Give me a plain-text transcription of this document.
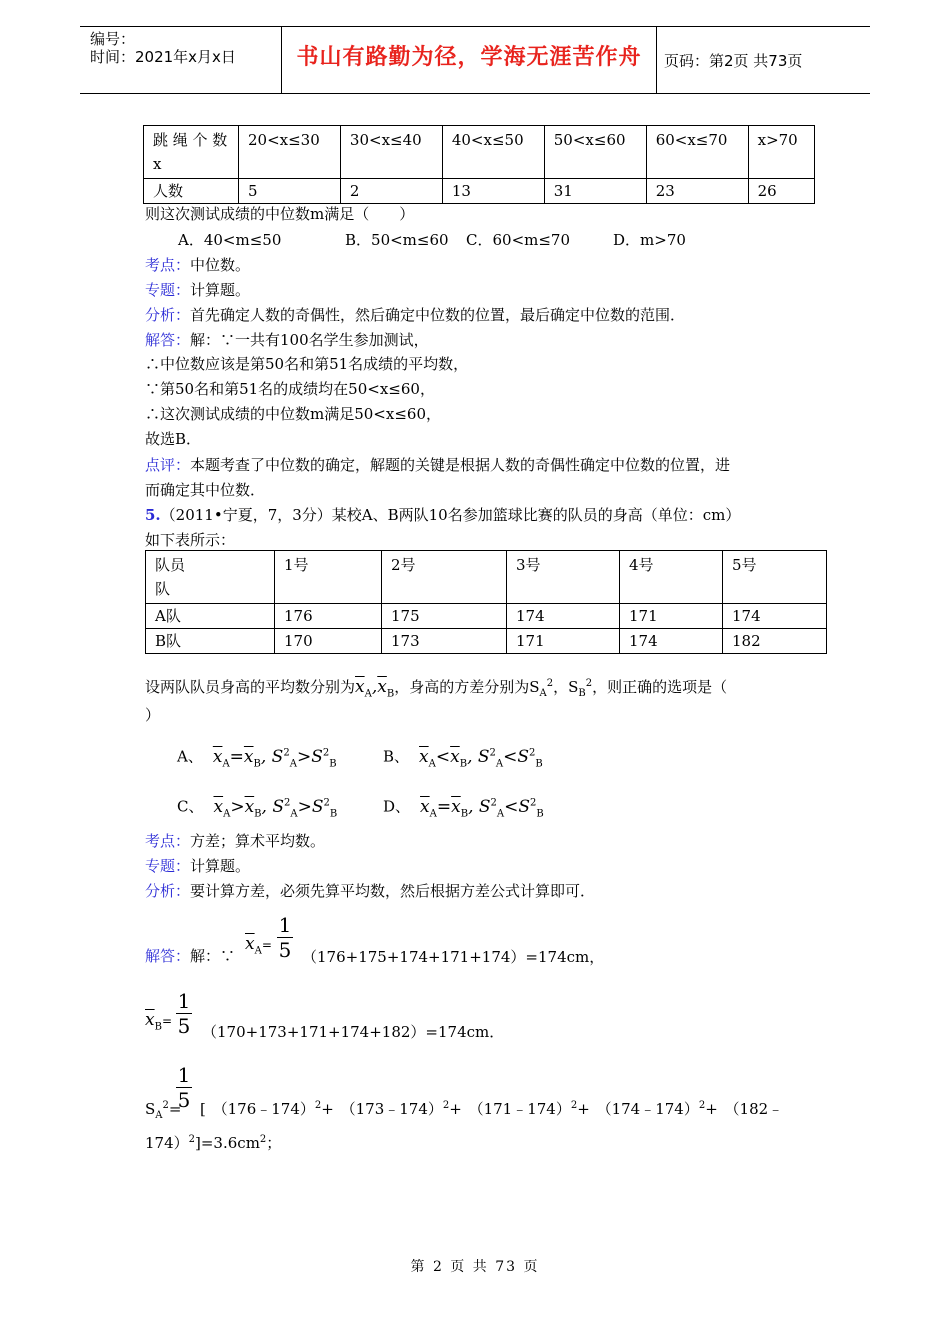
编号：
时间：2021年x月x日	书山有路勤为径，学海无涯苦作舟	页码：第2页 共73页
跳 绳 个 数 x	20<x≤30	30<x≤40	40<x≤50	50<x≤60	60<x≤70	x>70
人数	5	2	13	31	23	26
则这次测试成绩的中位数m满足（　　）
A．40<m≤50	B．50<m≤60 C．60<m≤70	D．m>70
考点：中位数。
专题：计算题。
分析：首先确定人数的奇偶性，然后确定中位数的位置，最后确定中位数的范围．
解答：解：∵一共有100名学生参加测试，
∴中位数应该是第50名和第51名成绩的平均数，
∵第50名和第51名的成绩均在50<x≤60，
∴这次测试成绩的中位数m满足50<x≤60，
故选B．
点评：本题考查了中位数的确定，解题的关键是根据人数的奇偶性确定中位数的位置，进
而确定其中位数．
5.（2011•宁夏，7，3分）某校A、B两队10名参加篮球比赛的队员的身高（单位：cm）
如下表所示：
队员
队	1号	2号	3号	4号	5号
A队	176	175	174	171	174
B队	170	173	171	174	182
设两队队员身高的平均数分别为$\overline{x}_A,\overline{x}_B$，身高的方差分别为$S_A^2$，$S_B^2$，则正确的选项是（
）
A、 $\overline{x}_A=\overline{x}_B$, $S^2_A>S^2_B$	B、 $\overline{x}_A<\overline{x}_B$, $S^2_A<S^2_B$
C、 $\overline{x}_A>\overline{x}_B$, $S^2_A>S^2_B$	D、 $\overline{x}_A=\overline{x}_B$, $S^2_A<S^2_B$
考点：方差；算术平均数。
专题：计算题。
分析：要计算方差，必须先算平均数，然后根据方差公式计算即可．
解答：解：∵
$\overline{x}_A=$
1
5 （176+175+174+171+174）=174cm，
$\overline{x}_B=$
1
5 （170+173+171+174+182）=174cm．
$S_A^2=$
1
5 [ （176﹣174）$^2$+ （173﹣174）$^2$+ （171﹣174）$^2$+ （174﹣174）$^2$+ （182﹣
$174)^2]=3.6cm^2$；
第 2 页 共 73 页
